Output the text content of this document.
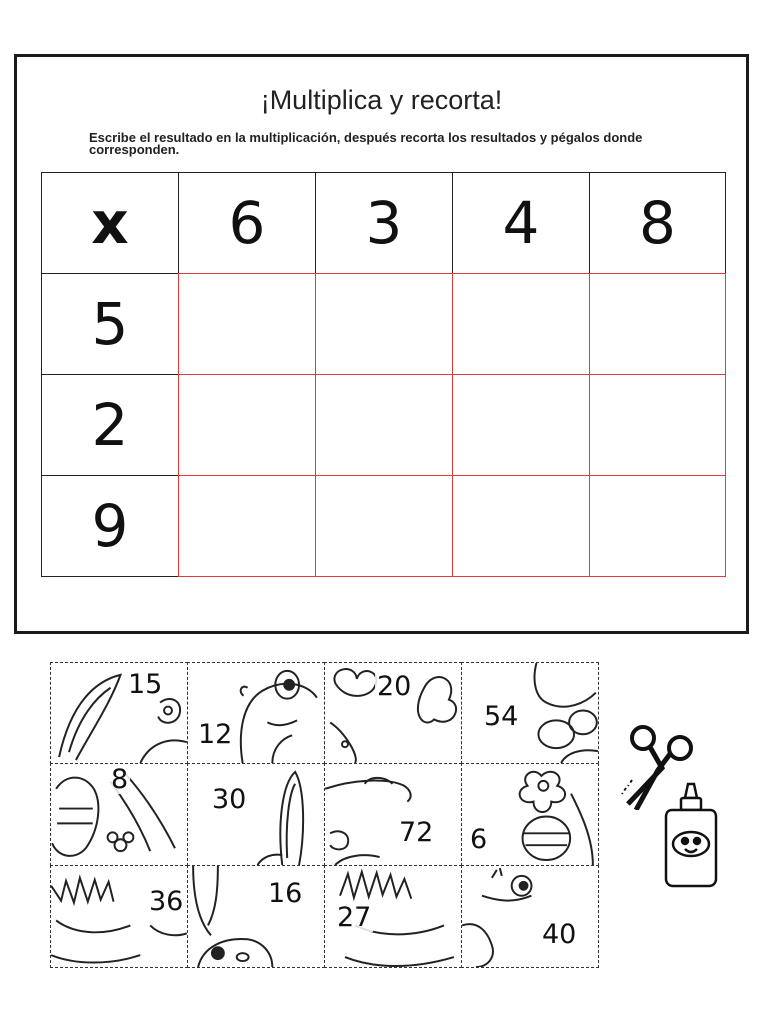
¡Multiplica y recorta!
Escribe el resultado en la multiplicación, después recorta los resultados y pégalos donde corresponden.
x	6	3	4	8
5
2
9
15
12
20
54
8
30
72 6
36	16
27
40
